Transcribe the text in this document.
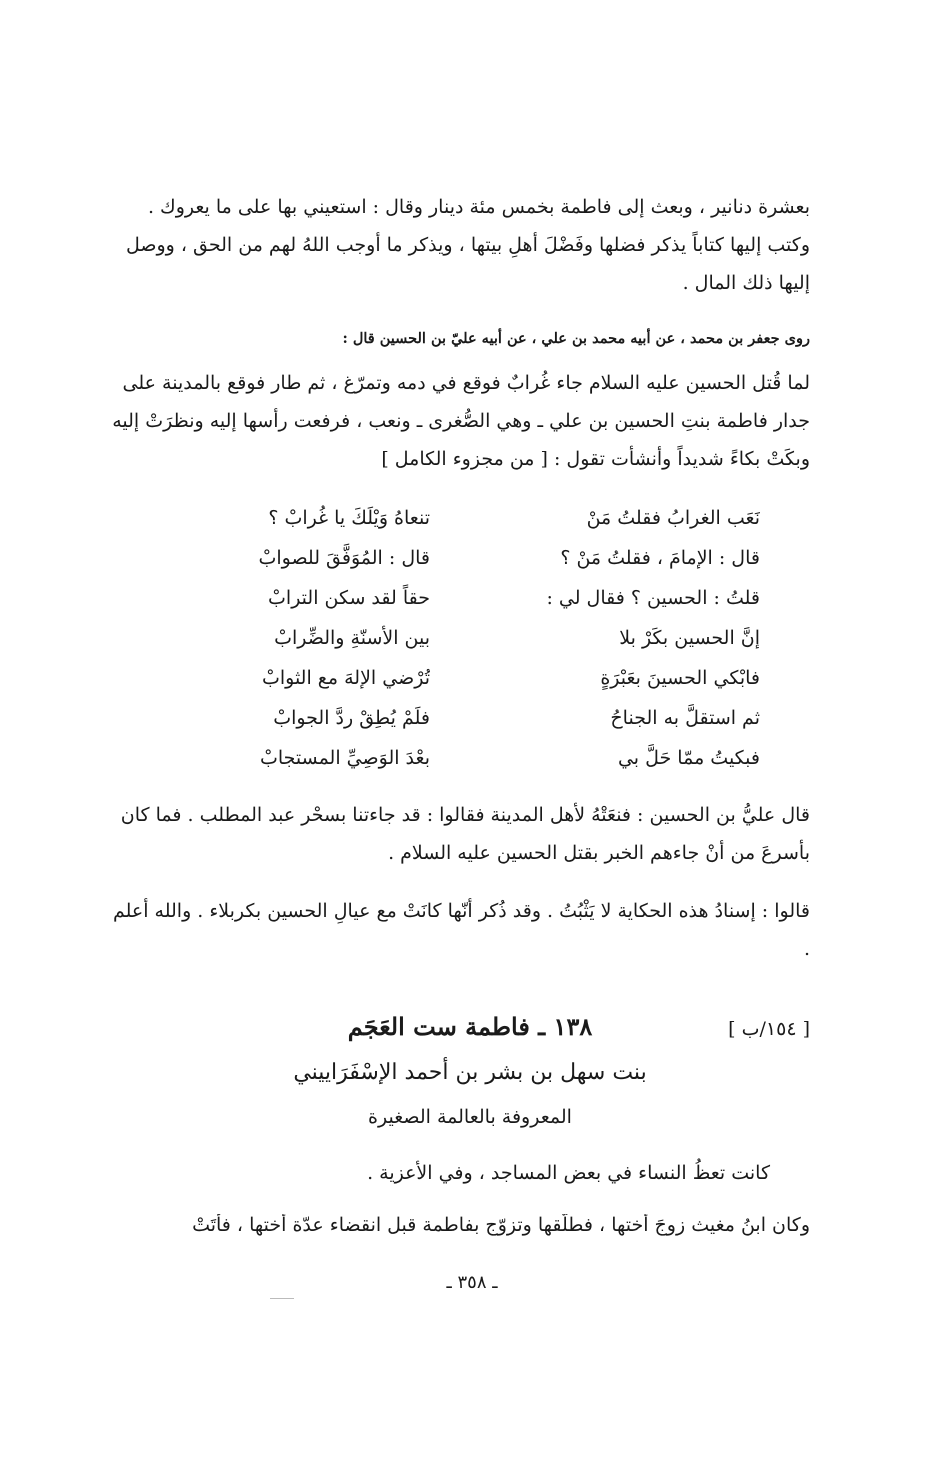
بعشرة دنانير ، وبعث إلى فاطمة بخمس مئة دينار وقال : استعيني بها على ما يعروك . وكتب إليها كتاباً يذكر فضلها وفَضْلَ أهلِ بيتها ، ويذكر ما أوجب اللهُ لهم من الحق ، ووصل إليها ذلك المال .

روى جعفر بن محمد ، عن أبيه محمد بن علي ، عن أبيه عليّ بن الحسين قال :

لما قُتل الحسين عليه السلام جاء غُرابٌ فوقع في دمه وتمرّغ ، ثم طار فوقع بالمدينة على جدار فاطمة بنتِ الحسين بن علي ـ وهي الصُّغرى ـ ونعب ، فرفعت رأسها إليه ونظرَتْ إليه وبكَتْ بكاءً شديداً وأنشأت تقول : [ من مجزوء الكامل ]

نَعَب الغرابُ فقلتُ مَنْ
تنعاهُ وَيْلَكَ يا غُرابْ ؟
قال : الإمامَ ، فقلتُ مَنْ ؟
قال : المُوَفَّقَ للصوابْ
قلتُ : الحسين ؟ فقال لي :
حقاً لقد سكن الترابْ
إنَّ الحسين بكَرْ بلا
بين الأسنّةِ والضِّرابْ
فابْكي الحسينَ بعَبْرَةٍ
تُرْضي الإلهَ مع الثوابْ
ثم استقلَّ به الجناحُ
فلَمْ يُطِقْ ردَّ الجوابْ
فبكيتُ ممّا حَلَّ بي
بعْدَ الوَصِيِّ المستجابْ

قال عليُّ بن الحسين : فنعَتْهُ لأهل المدينة فقالوا : قد جاءتنا بسحْر عبد المطلب . فما كان بأسرعَ من أنْ جاءهم الخبر بقتل الحسين عليه السلام .

قالوا : إسنادُ هذه الحكاية لا يَثْبُتُ . وقد ذُكر أنّها كانَتْ مع عيالِ الحسين بكربلاء . والله أعلم .

[ ١٥٤/ب ]
١٣٨ ـ فاطمة ست العَجَم
بنت سهل بن بشر بن أحمد الإسْفَرَاييني
المعروفة بالعالمة الصغيرة

كانت تعظُ النساء في بعض المساجد ، وفي الأعزية .

وكان ابنُ مغيث زوجَ أختها ، فطلّقها وتزوّج بفاطمة قبل انقضاء عدّة أختها ، فأتَتْ

ـ ٣٥٨ ـ
